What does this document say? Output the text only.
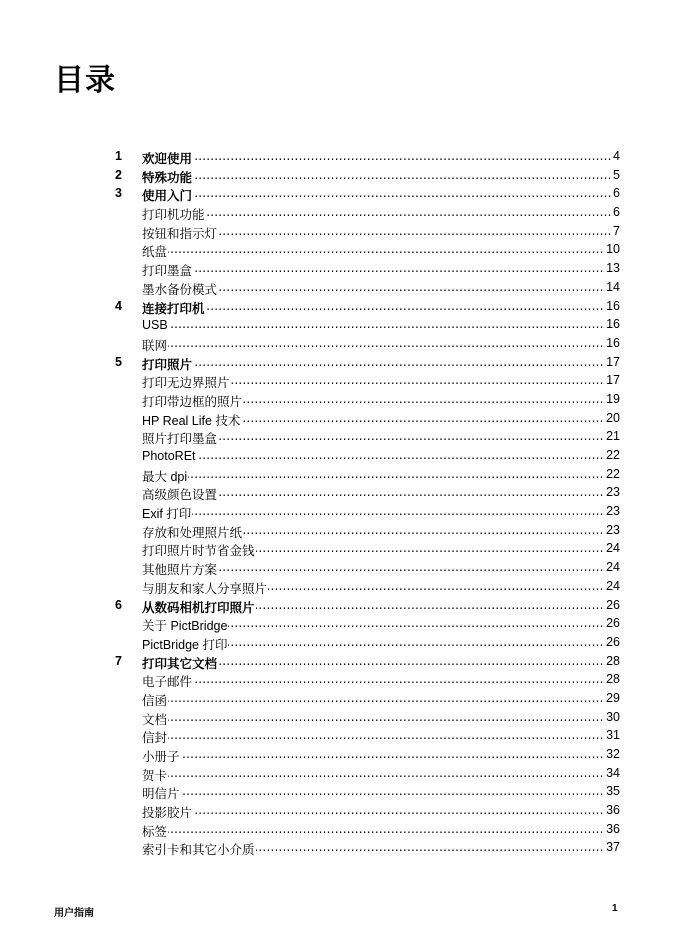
目录
1 欢迎使用	4
.....
2 特殊功能	5
.....
3 使用入门	6
.....
打印机功能	6
.....
按钮和指示灯	7
.....
纸盘	10
.....
打印墨盒	13
.....
墨水备份模式	14
.....
4 连接打印机	16
.....
USB	16
.....
联网	16
.....
5 打印照片	17
.....
打印无边界照片	17
.....
打印带边框的照片	19
.....
HP Real Life 技术	20
.....
照片打印墨盒	21
.....
PhotoREt	22
.....
最大 dpi	22
.....
高级颜色设置	23
.....
Exif 打印	23
.....
存放和处理照片纸	23
.....
打印照片时节省金钱	24
.....
其他照片方案	24
.....
与朋友和家人分享照片	24
.....
6 从数码相机打印照片	26
.....
关于 PictBridge	26
.....
PictBridge 打印	26
.....
7 打印其它文档	28
.....
电子邮件	28
.....
信函	29
.....
文档	30
.....
信封	31
.....
小册子	32
.....
贺卡	34
.....
明信片	35
.....
投影胶片	36
.....
标签	36
.....
索引卡和其它小介质	37
.....
用户指南	1
